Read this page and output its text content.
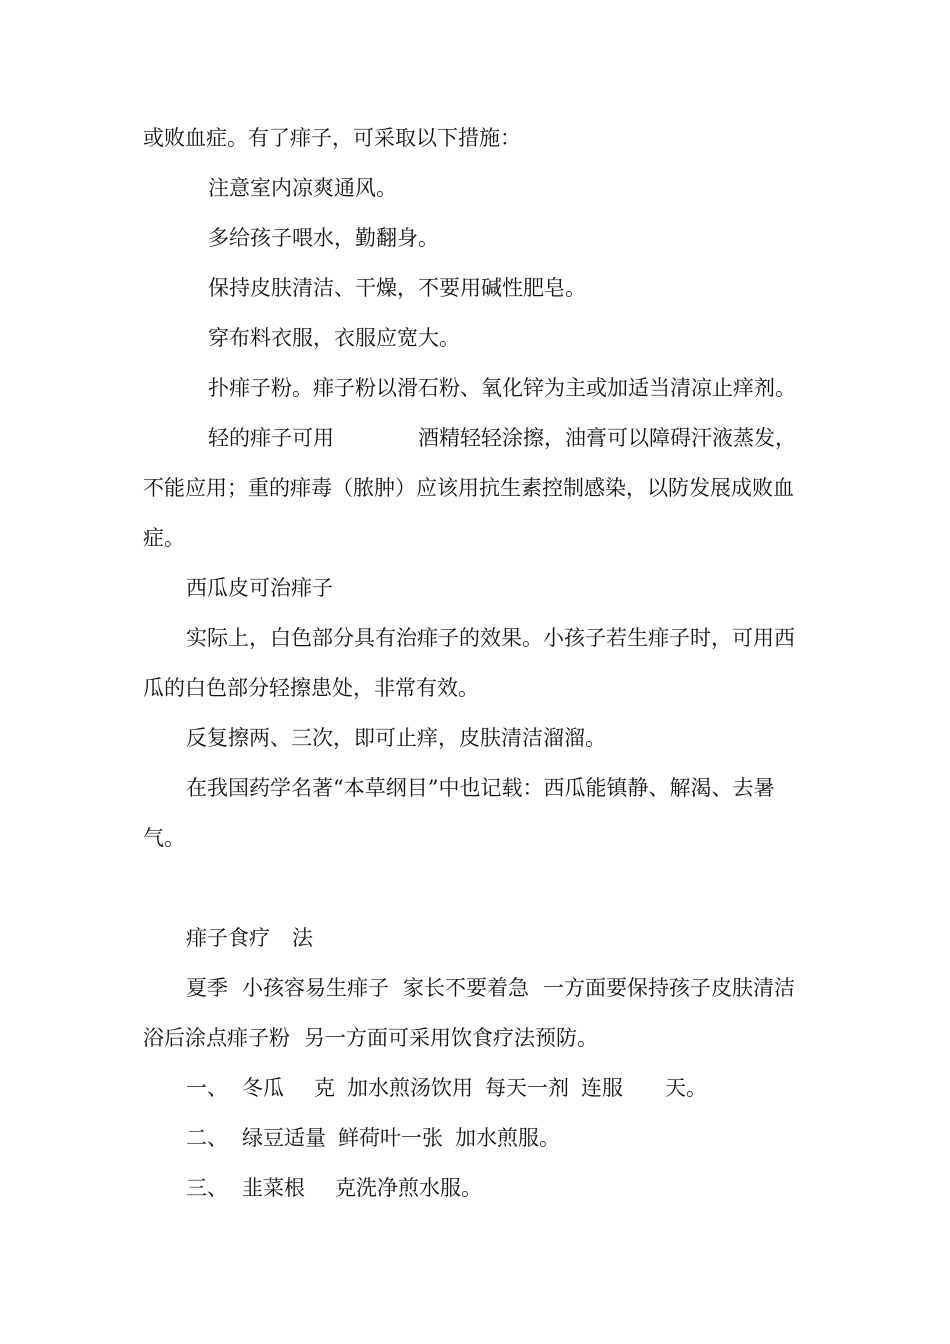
或败血症。有了痱子，可采取以下措施：
注意室内凉爽通风。
多给孩子喂水，勤翻身。
保持皮肤清洁、干燥，不要用碱性肥皂。
穿布料衣服，衣服应宽大。
扑痱子粉。痱子粉以滑石粉、氧化锌为主或加适当清凉止痒剂。
轻的痱子可用	酒精轻轻涂擦，油膏可以障碍汗液蒸发，
不能应用；重的痱毒（脓肿）应该用抗生素控制感染，以防发展成败血
症。
西瓜皮可治痱子
实际上，白色部分具有治痱子的效果。小孩子若生痱子时，可用西
瓜的白色部分轻擦患处，非常有效。
反复擦两、三次，即可止痒，皮肤清洁溜溜。
在我国药学名著“本草纲目”中也记载：西瓜能镇静、解渴、去暑
气。
痱子食疗 法
夏季 小孩容易生痱子 家长不要着急 一方面要保持孩子皮肤清洁
浴后涂点痱子粉 另一方面可采用饮食疗法预防。
一、 冬瓜 克 加水煎汤饮用 每天一剂 连服 天。
二、 绿豆适量 鲜荷叶一张 加水煎服。
三、 韭菜根 克洗净煎水服。
